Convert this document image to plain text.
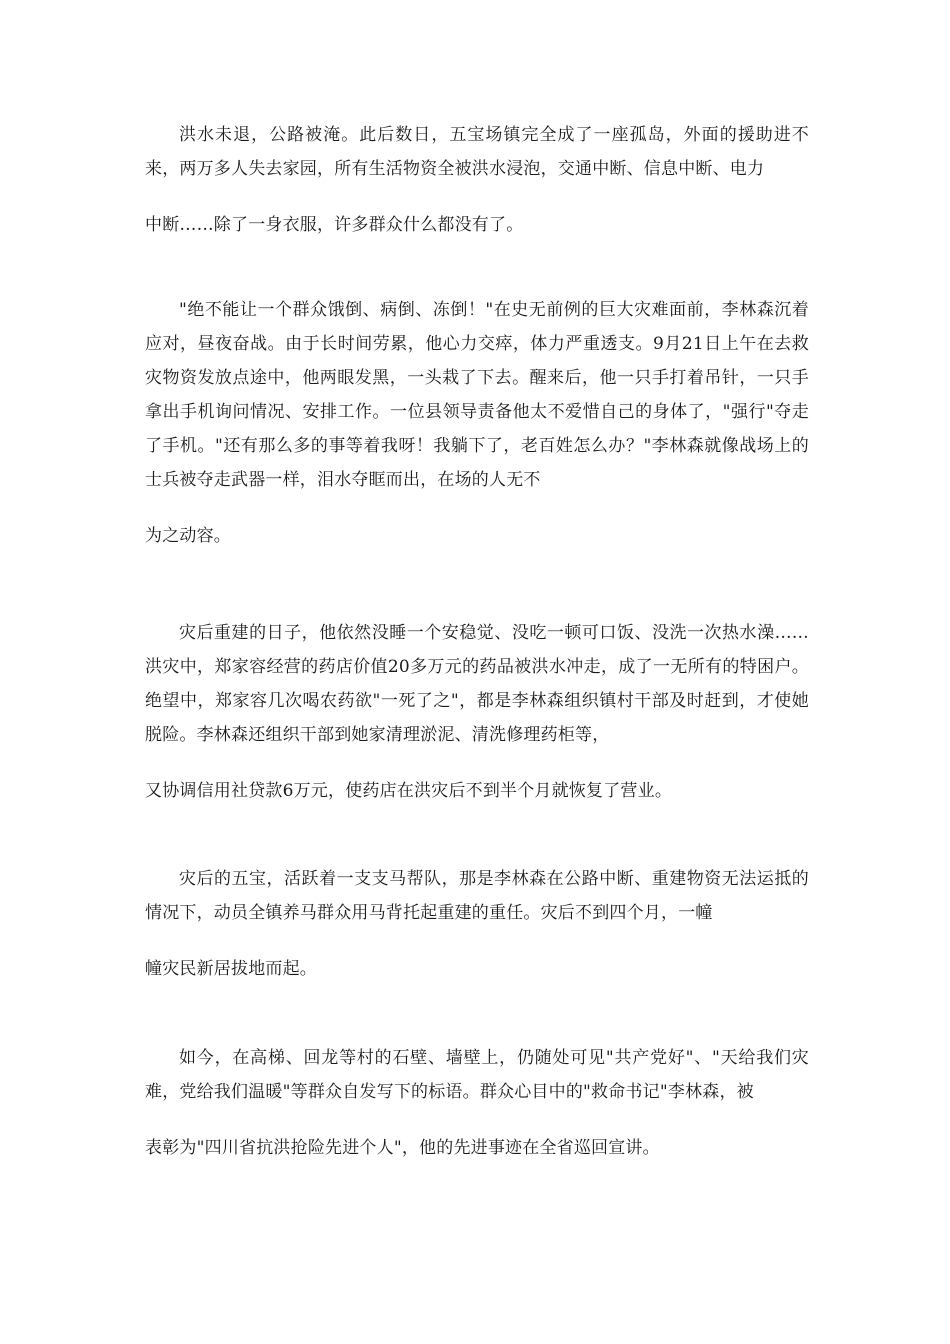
洪水未退，公路被淹。此后数日，五宝场镇完全成了一座孤岛，外面的援助进不来，两万多人失去家园，所有生活物资全被洪水浸泡，交通中断、信息中断、电力
中断……除了一身衣服，许多群众什么都没有了。

"绝不能让一个群众饿倒、病倒、冻倒！"在史无前例的巨大灾难面前，李林森沉着应对，昼夜奋战。由于长时间劳累，他心力交瘁，体力严重透支。9月21日上午在去救灾物资发放点途中，他两眼发黑，一头栽了下去。醒来后，他一只手打着吊针，一只手拿出手机询问情况、安排工作。一位县领导责备他太不爱惜自己的身体了，"强行"夺走了手机。"还有那么多的事等着我呀！我躺下了，老百姓怎么办？"李林森就像战场上的士兵被夺走武器一样，泪水夺眶而出，在场的人无不
为之动容。

灾后重建的日子，他依然没睡一个安稳觉、没吃一顿可口饭、没洗一次热水澡……洪灾中，郑家容经营的药店价值20多万元的药品被洪水冲走，成了一无所有的特困户。绝望中，郑家容几次喝农药欲"一死了之"，都是李林森组织镇村干部及时赶到，才使她脱险。李林森还组织干部到她家清理淤泥、清洗修理药柜等，
又协调信用社贷款6万元，使药店在洪灾后不到半个月就恢复了营业。

灾后的五宝，活跃着一支支马帮队，那是李林森在公路中断、重建物资无法运抵的情况下，动员全镇养马群众用马背托起重建的重任。灾后不到四个月，一幢
幢灾民新居拔地而起。

如今，在高梯、回龙等村的石壁、墙壁上，仍随处可见"共产党好"、"天给我们灾难，党给我们温暖"等群众自发写下的标语。群众心目中的"救命书记"李林森，被
表彰为"四川省抗洪抢险先进个人"，他的先进事迹在全省巡回宣讲。
